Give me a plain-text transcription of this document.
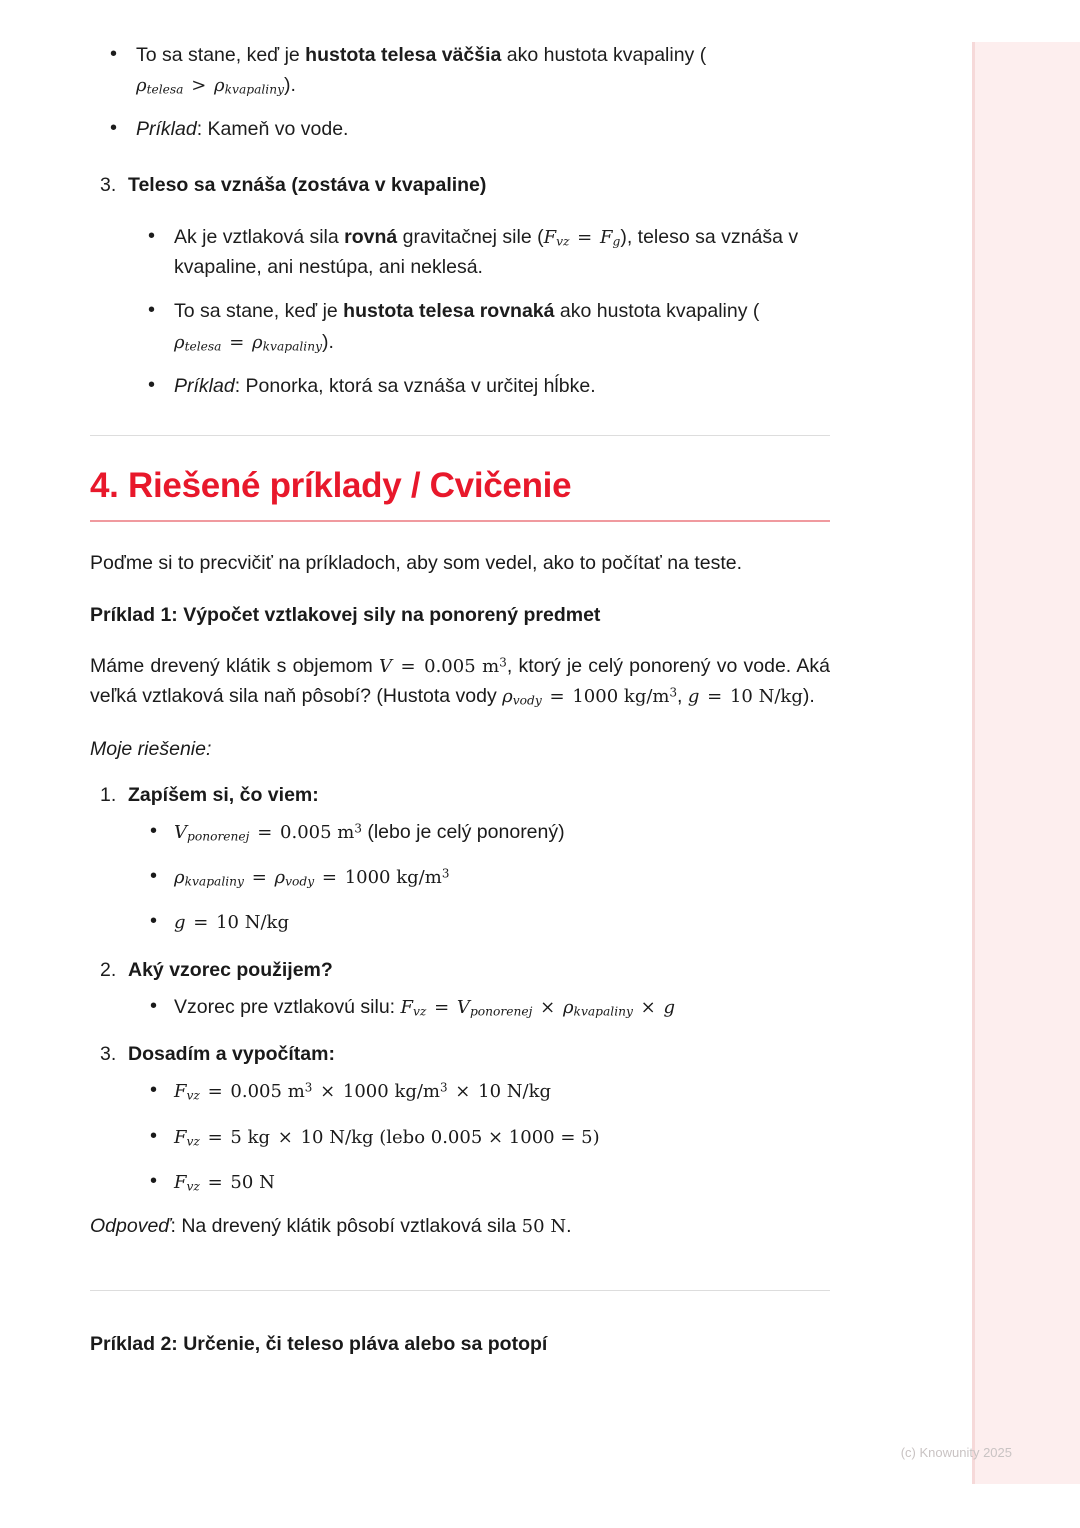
• To sa stane, keď je hustota telesa väčšia ako hustota kvapaliny (
$\rho_{telesa} > \rho_{kvapaliny}$).
• Príklad: Kameň vo vode.
Teleso sa vznáša (zostáva v kvapaline)
• Ak je vztlaková sila rovná gravitačnej sile $(F_{vz} = F_g)$, teleso sa vznáša v kvapaline, ani nestúpa, ani neklesá.
• To sa stane, keď je hustota telesa rovnaká ako hustota kvapaliny (
$\rho_{telesa} = \rho_{kvapaliny}$).
• Príklad: Ponorka, ktorá sa vznáša v určitej hĺbke.
4. Riešené príklady / Cvičenie

Poďme si to precvičiť na príkladoch, aby som vedel, ako to počítať na teste.

Príklad 1: Výpočet vztlakovej sily na ponorený predmet

Máme drevený klátik s objemom V = 0.005 $m^3$, ktorý je celý ponorený vo vode. Aká veľká vztlaková sila naň pôsobí? (Hustota vody $\rho_{vody} = 1000$ $kg/m^3$, g = 10 N/kg).

Moje riešenie:

Zapíšem si, čo viem:
• $V_{ponorenej} = 0.005$ $m^3$ (lebo je celý ponorený)
• $\rho_{kvapaliny} = \rho_{vody} = 1000$ $kg/m^3$
• g = 10 N/kg
Aký vzorec použijem?
• Vzorec pre vztlakovú silu: $F_{vz} = V_{ponorenej} \times \rho_{kvapaliny} \times g$
Dosadím a vypočítam:
• $F_{vz} = 0.005$ $m^3 \times 1000$ $kg/m^3 \times 10$ N/kg
• $F_{vz} = 5$ kg × 10 N/kg (lebo 0.005 × 1000 = 5)
• $F_{vz} = 50$ N

Odpoveď: Na drevený klátik pôsobí vztlaková sila 50 N.

Príklad 2: Určenie, či teleso pláva alebo sa potopí

(c) Knowunity 2025
